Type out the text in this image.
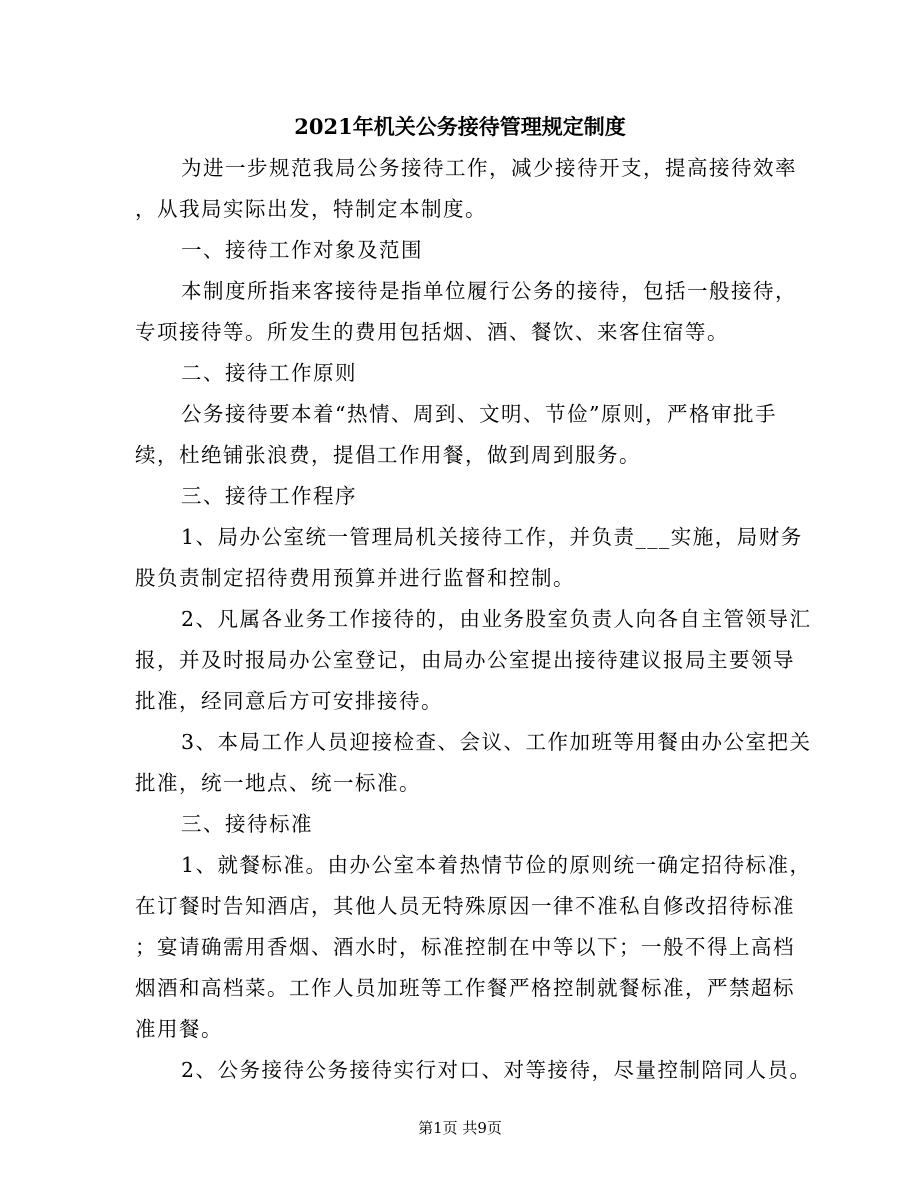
2021年机关公务接待管理规定制度
为进一步规范我局公务接待工作，减少接待开支，提高接待效率
，从我局实际出发，特制定本制度。
一、接待工作对象及范围
本制度所指来客接待是指单位履行公务的接待，包括一般接待，
专项接待等。所发生的费用包括烟、酒、餐饮、来客住宿等。
二、接待工作原则
公务接待要本着“热情、周到、文明、节俭”原则，严格审批手
续，杜绝铺张浪费，提倡工作用餐，做到周到服务。
三、接待工作程序
1、局办公室统一管理局机关接待工作，并负责___实施，局财务
股负责制定招待费用预算并进行监督和控制。
2、凡属各业务工作接待的，由业务股室负责人向各自主管领导汇
报，并及时报局办公室登记，由局办公室提出接待建议报局主要领导
批准，经同意后方可安排接待。
3、本局工作人员迎接检查、会议、工作加班等用餐由办公室把关
批准，统一地点、统一标准。
三、接待标准
1、就餐标准。由办公室本着热情节俭的原则统一确定招待标准，
在订餐时告知酒店，其他人员无特殊原因一律不准私自修改招待标准
；宴请确需用香烟、酒水时，标准控制在中等以下；一般不得上高档
烟酒和高档菜。工作人员加班等工作餐严格控制就餐标准，严禁超标
准用餐。
2、公务接待公务接待实行对口、对等接待，尽量控制陪同人员。
第1页 共9页
